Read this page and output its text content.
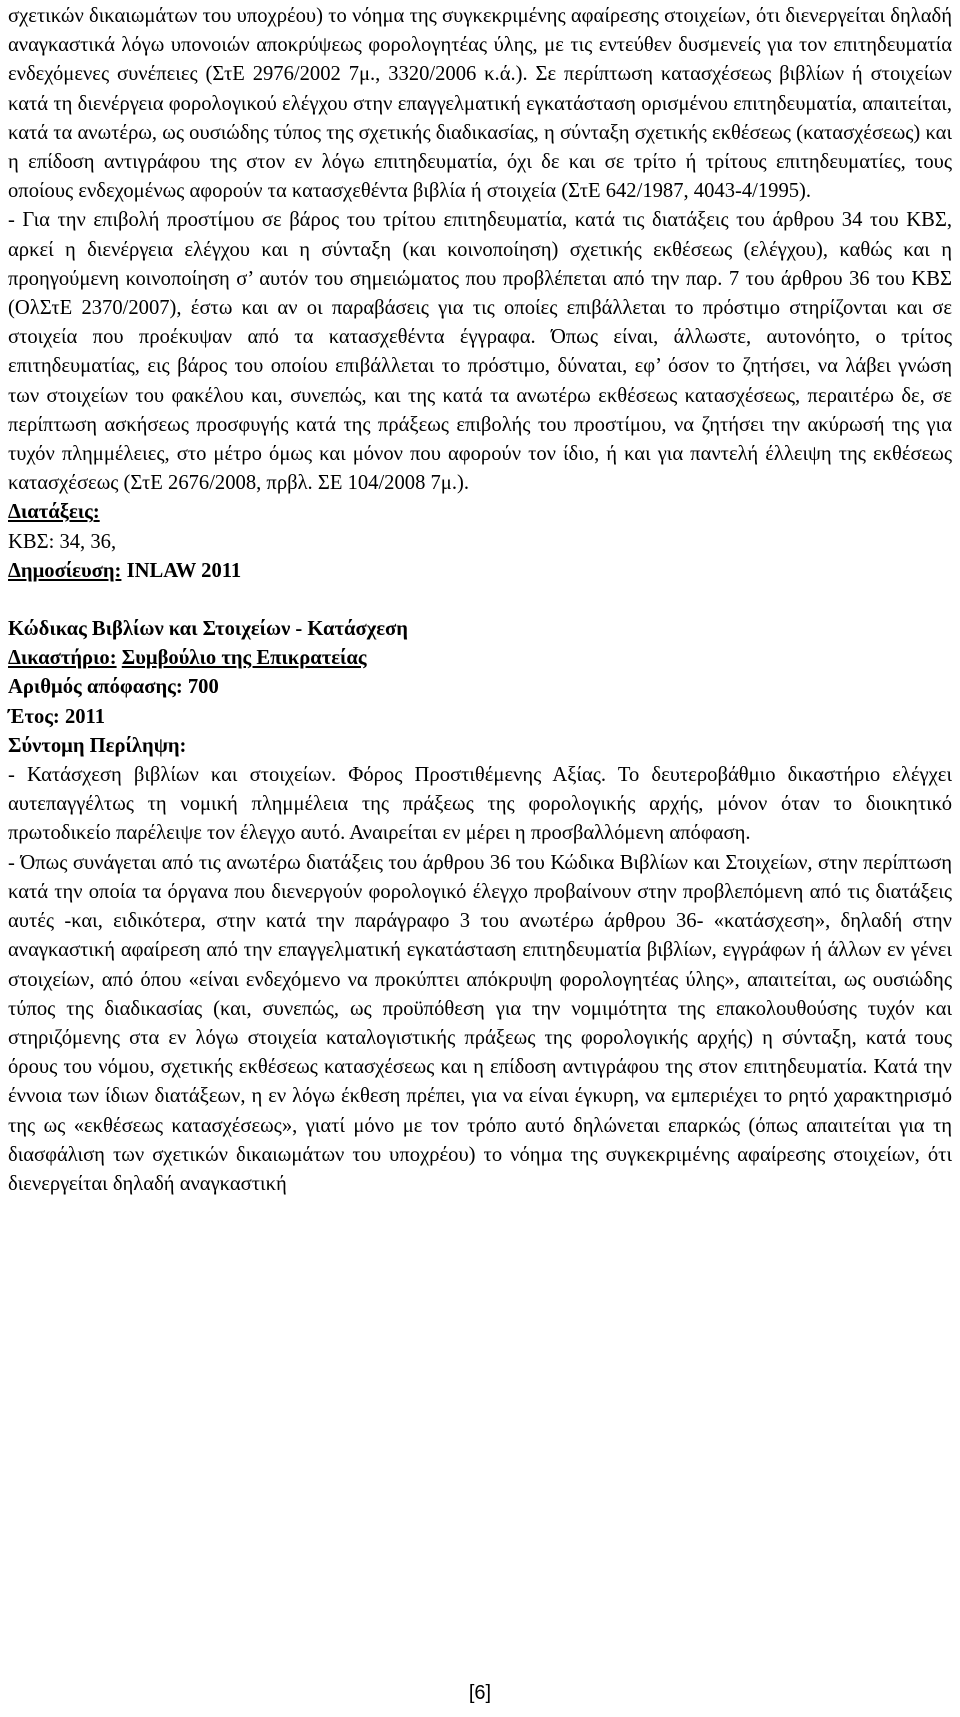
σχετικών δικαιωμάτων του υποχρέου) το νόημα της συγκεκριμένης αφαίρεσης στοιχείων, ότι διενεργείται δηλαδή αναγκαστικά λόγω υπονοιών αποκρύψεως φορολογητέας ύλης, με τις εντεύθεν δυσμενείς για τον επιτηδευματία ενδεχόμενες συνέπειες (ΣτΕ 2976/2002 7μ., 3320/2006 κ.ά.). Σε περίπτωση κατασχέσεως βιβλίων ή στοιχείων κατά τη διενέργεια φορολογικού ελέγχου στην επαγγελματική εγκατάσταση ορισμένου επιτηδευματία, απαιτείται, κατά τα ανωτέρω, ως ουσιώδης τύπος της σχετικής διαδικασίας, η σύνταξη σχετικής εκθέσεως (κατασχέσεως) και η επίδοση αντιγράφου της στον εν λόγω επιτηδευματία, όχι δε και σε τρίτο ή τρίτους επιτηδευματίες, τους οποίους ενδεχομένως αφορούν τα κατασχεθέντα βιβλία ή στοιχεία (ΣτΕ 642/1987, 4043-4/1995).

- Για την επιβολή προστίμου σε βάρος του τρίτου επιτηδευματία, κατά τις διατάξεις του άρθρου 34 του ΚΒΣ, αρκεί η διενέργεια ελέγχου και η σύνταξη (και κοινοποίηση) σχετικής εκθέσεως (ελέγχου), καθώς και η προηγούμενη κοινοποίηση σ’ αυτόν του σημειώματος που προβλέπεται από την παρ. 7 του άρθρου 36 του ΚΒΣ (ΟλΣτΕ 2370/2007), έστω και αν οι παραβάσεις για τις οποίες επιβάλλεται το πρόστιμο στηρίζονται και σε στοιχεία που προέκυψαν από τα κατασχεθέντα έγγραφα. Όπως είναι, άλλωστε, αυτονόητο, ο τρίτος επιτηδευματίας, εις βάρος του οποίου επιβάλλεται το πρόστιμο, δύναται, εφ’ όσον το ζητήσει, να λάβει γνώση των στοιχείων του φακέλου και, συνεπώς, και της κατά τα ανωτέρω εκθέσεως κατασχέσεως, περαιτέρω δε, σε περίπτωση ασκήσεως προσφυγής κατά της πράξεως επιβολής του προστίμου, να ζητήσει την ακύρωσή της για τυχόν πλημμέλειες, στο μέτρο όμως και μόνον που αφορούν τον ίδιο, ή και για παντελή έλλειψη της εκθέσεως κατασχέσεως (ΣτΕ 2676/2008, πρβλ. ΣΕ 104/2008 7μ.).

Διατάξεις:
ΚΒΣ: 34, 36,
Δημοσίευση: INLAW 2011
Κώδικας Βιβλίων και Στοιχείων - Κατάσχεση
Δικαστήριο: Συμβούλιο της Επικρατείας
Αριθμός απόφασης: 700
Έτος: 2011
Σύντομη Περίληψη:

- Κατάσχεση βιβλίων και στοιχείων. Φόρος Προστιθέμενης Αξίας. Το δευτεροβάθμιο δικαστήριο ελέγχει αυτεπαγγέλτως τη νομική πλημμέλεια της πράξεως της φορολογικής αρχής, μόνον όταν το διοικητικό πρωτοδικείο παρέλειψε τον έλεγχο αυτό. Αναιρείται εν μέρει η προσβαλλόμενη απόφαση.

- Όπως συνάγεται από τις ανωτέρω διατάξεις του άρθρου 36 του Κώδικα Βιβλίων και Στοιχείων, στην περίπτωση κατά την οποία τα όργανα που διενεργούν φορολογικό έλεγχο προβαίνουν στην προβλεπόμενη από τις διατάξεις αυτές -και, ειδικότερα, στην κατά την παράγραφο 3 του ανωτέρω άρθρου 36- «κατάσχεση», δηλαδή στην αναγκαστική αφαίρεση από την επαγγελματική εγκατάσταση επιτηδευματία βιβλίων, εγγράφων ή άλλων εν γένει στοιχείων, από όπου «είναι ενδεχόμενο να προκύπτει απόκρυψη φορολογητέας ύλης», απαιτείται, ως ουσιώδης τύπος της διαδικασίας (και, συνεπώς, ως προϋπόθεση για την νομιμότητα της επακολουθούσης τυχόν και στηριζόμενης στα εν λόγω στοιχεία καταλογιστικής πράξεως της φορολογικής αρχής) η σύνταξη, κατά τους όρους του νόμου, σχετικής εκθέσεως κατασχέσεως και η επίδοση αντιγράφου της στον επιτηδευματία. Κατά την έννοια των ίδιων διατάξεων, η εν λόγω έκθεση πρέπει, για να είναι έγκυρη, να εμπεριέχει το ρητό χαρακτηρισμό της ως «εκθέσεως κατασχέσεως», γιατί μόνο με τον τρόπο αυτό δηλώνεται επαρκώς (όπως απαιτείται για τη διασφάλιση των σχετικών δικαιωμάτων του υποχρέου) το νόημα της συγκεκριμένης αφαίρεσης στοιχείων, ότι διενεργείται δηλαδή αναγκαστική

[6]
